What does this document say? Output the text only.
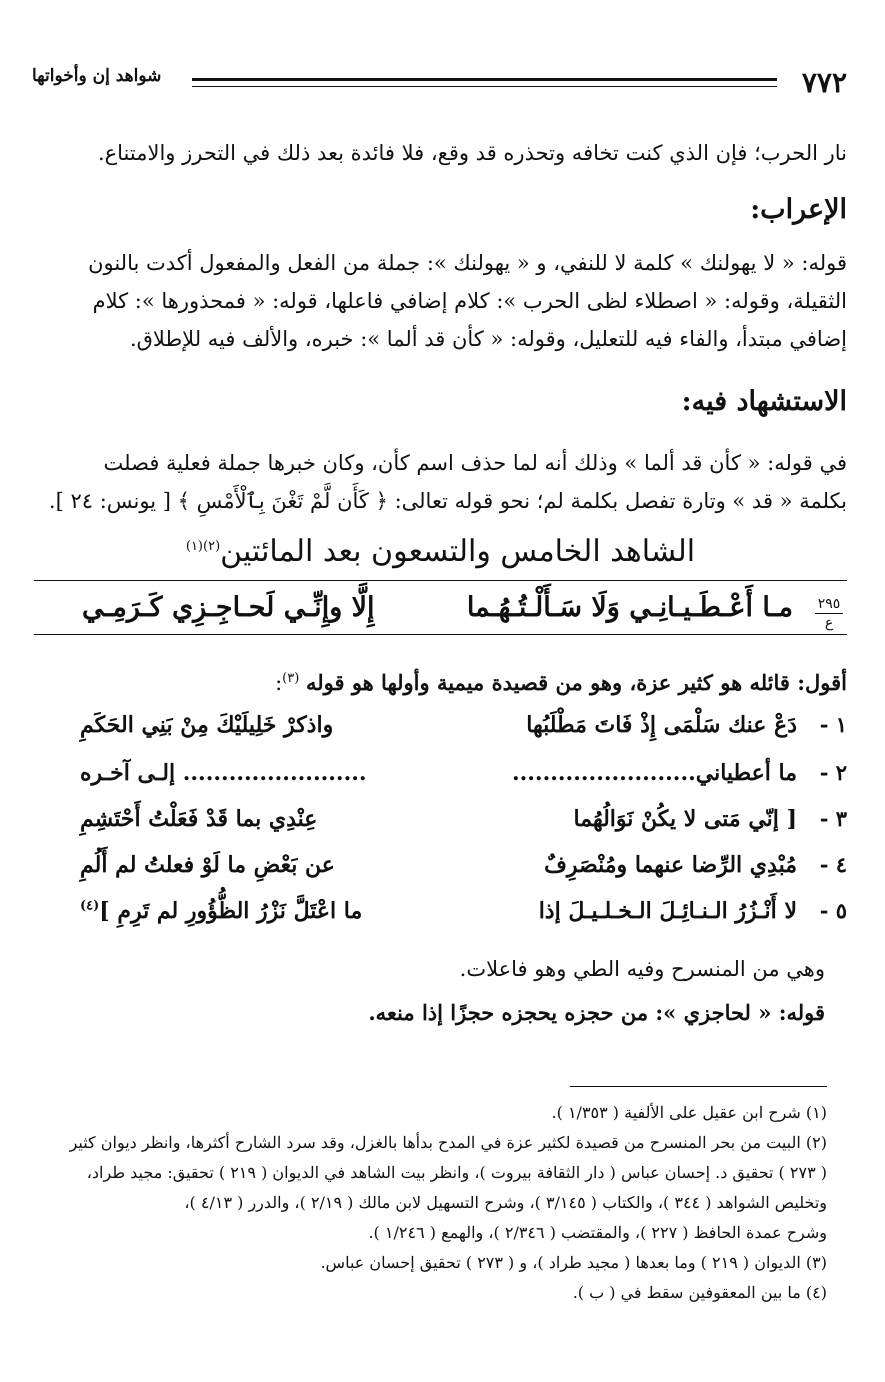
٧٧٢
شواهد إن وأخواتها
نار الحرب؛ فإن الذي كنت تخافه وتحذره قد وقع، فلا فائدة بعد ذلك في التحرز والامتناع.
الإعراب:
قوله: « لا يهولنك » كلمة لا للنفي، و « يهولنك »: جملة من الفعل والمفعول أكدت بالنون
الثقيلة، وقوله: « اصطلاء لظى الحرب »: كلام إضافي فاعلها، قوله: « فمحذورها »: كلام
إضافي مبتدأ، والفاء فيه للتعليل، وقوله: « كأن قد ألما »: خبره، والألف فيه للإطلاق.
الاستشهاد فيه:
في قوله: « كأن قد ألما » وذلك أنه لما حذف اسم كأن، وكان خبرها جملة فعلية فصلت
بكلمة « قد » وتارة تفصل بكلمة لم؛ نحو قوله تعالى: ﴿ كَأَن لَّمْ تَغْنَ بِٱلْأَمْسِ ﴾ [ يونس: ٢٤ ].
الشاهد الخامس والتسعون بعد المائتين$^{(٢)(١)}$
٢٩٥
ع
مـا أَعْـطَـيـانِـي وَلَا سَـأَلْـتُـهُـما
إِلَّا وإِنِّـي لَحـاجِـزِي كَـرَمِـي
أقول: قائله هو كثير عزة، وهو من قصيدة ميمية وأولها هو قوله $^{(٣)}$:
١ -
دَعْ عنك سَلْمَى إِذْ فَاتَ مَطْلَبُها
واذكرْ خَلِيلَيْكَ مِنْ بَنِي الحَكَمِ
٢ -
ما أعطياني........................
........................ إلـى آخـره
٣ -
[ إنّي مَتى لا يكُنْ نَوَالُهُما
عِنْدِي بما قَدْ فَعَلْتُ أَحْتَشِمِ
٤ -
مُبْدِي الرِّضا عنهما ومُنْصَرِفٌ
عن بَعْضِ ما لَوْ فعلتُ لم أَلُمِ
٥ -
لا أَنْـزُرُ الـنـائِـلَ الـخـلـيـلَ إذا
ما اعْتَلَّ نَزْرُ الظُّؤُورِ لم تَرِمِ ]$^{(٤)}$
وهي من المنسرح وفيه الطي وهو فاعلات.
قوله: « لحاجزي »: من حجزه يحجزه حجزًا إذا منعه.
(١) شرح ابن عقيل على الألفية ( ١/٣٥٣ ).
(٢) البيت من بحر المنسرح من قصيدة لكثير عزة في المدح بدأها بالغزل، وقد سرد الشارح أكثرها، وانظر ديوان كثير
( ٢٧٣ ) تحقيق د. إحسان عباس ( دار الثقافة بيروت )، وانظر بيت الشاهد في الديوان ( ٢١٩ ) تحقيق: مجيد طراد،
وتخليص الشواهد ( ٣٤٤ )، والكتاب ( ٣/١٤٥ )، وشرح التسهيل لابن مالك ( ٢/١٩ )، والدرر ( ٤/١٣ )،
وشرح عمدة الحافظ ( ٢٢٧ )، والمقتضب ( ٢/٣٤٦ )، والهمع ( ١/٢٤٦ ).
(٣) الديوان ( ٢١٩ ) وما بعدها ( مجيد طراد )، و ( ٢٧٣ ) تحقيق إحسان عباس.
(٤) ما بين المعقوفين سقط في ( ب ).
